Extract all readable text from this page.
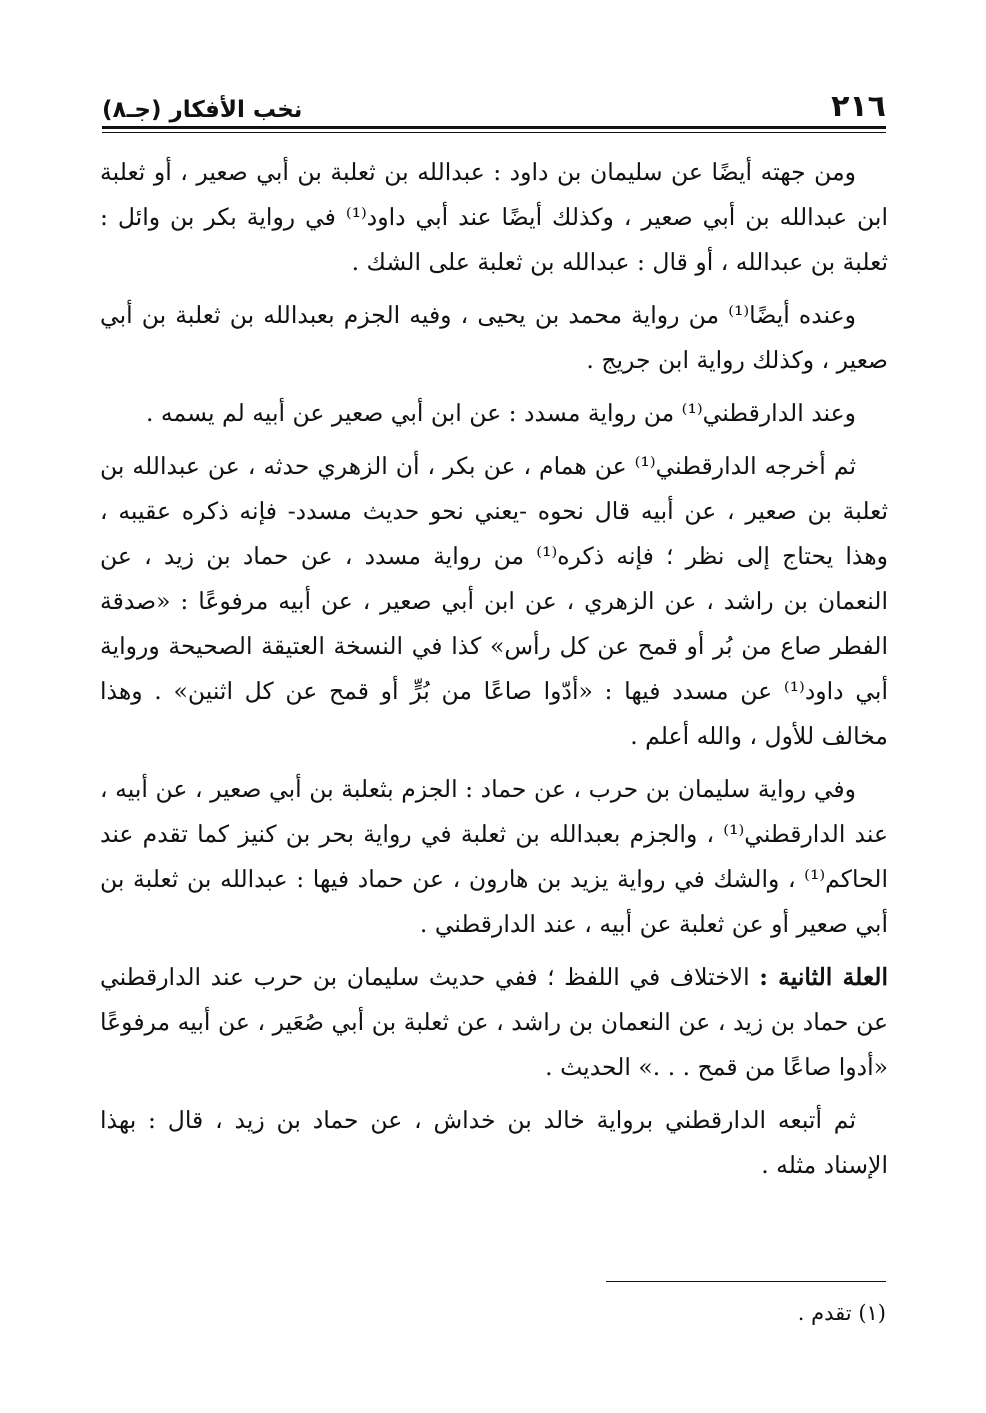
٢١٦
نخب الأفكار (جـ٨)

ومن جهته أيضًا عن سليمان بن داود : عبدالله بن ثعلبة بن أبي صعير ، أو ثعلبة ابن عبدالله بن أبي صعير ، وكذلك أيضًا عند أبي داود⁽¹⁾ في رواية بكر بن وائل : ثعلبة بن عبدالله ، أو قال : عبدالله بن ثعلبة على الشك .

وعنده أيضًا⁽¹⁾ من رواية محمد بن يحيى ، وفيه الجزم بعبدالله بن ثعلبة بن أبي صعير ، وكذلك رواية ابن جريج .

وعند الدارقطني⁽¹⁾ من رواية مسدد : عن ابن أبي صعير عن أبيه لم يسمه .

ثم أخرجه الدارقطني⁽¹⁾ عن همام ، عن بكر ، أن الزهري حدثه ، عن عبدالله بن ثعلبة بن صعير ، عن أبيه قال نحوه -يعني نحو حديث مسدد- فإنه ذكره عقيبه ، وهذا يحتاج إلى نظر ؛ فإنه ذكره⁽¹⁾ من رواية مسدد ، عن حماد بن زيد ، عن النعمان بن راشد ، عن الزهري ، عن ابن أبي صعير ، عن أبيه مرفوعًا : «صدقة الفطر صاع من بُر أو قمح عن كل رأس» كذا في النسخة العتيقة الصحيحة ورواية أبي داود⁽¹⁾ عن مسدد فيها : «أدّوا صاعًا من بُرٍّ أو قمح عن كل اثنين» . وهذا مخالف للأول ، والله أعلم .

وفي رواية سليمان بن حرب ، عن حماد : الجزم بثعلبة بن أبي صعير ، عن أبيه ، عند الدارقطني⁽¹⁾ ، والجزم بعبدالله بن ثعلبة في رواية بحر بن كنيز كما تقدم عند الحاكم⁽¹⁾ ، والشك في رواية يزيد بن هارون ، عن حماد فيها : عبدالله بن ثعلبة بن أبي صعير أو عن ثعلبة عن أبيه ، عند الدارقطني .

العلة الثانية : الاختلاف في اللفظ ؛ ففي حديث سليمان بن حرب عند الدارقطني عن حماد بن زيد ، عن النعمان بن راشد ، عن ثعلبة بن أبي صُعَير ، عن أبيه مرفوعًا «أدوا صاعًا من قمح . . .» الحديث .

ثم أتبعه الدارقطني برواية خالد بن خداش ، عن حماد بن زيد ، قال : بهذا الإسناد مثله .

(١) تقدم .
